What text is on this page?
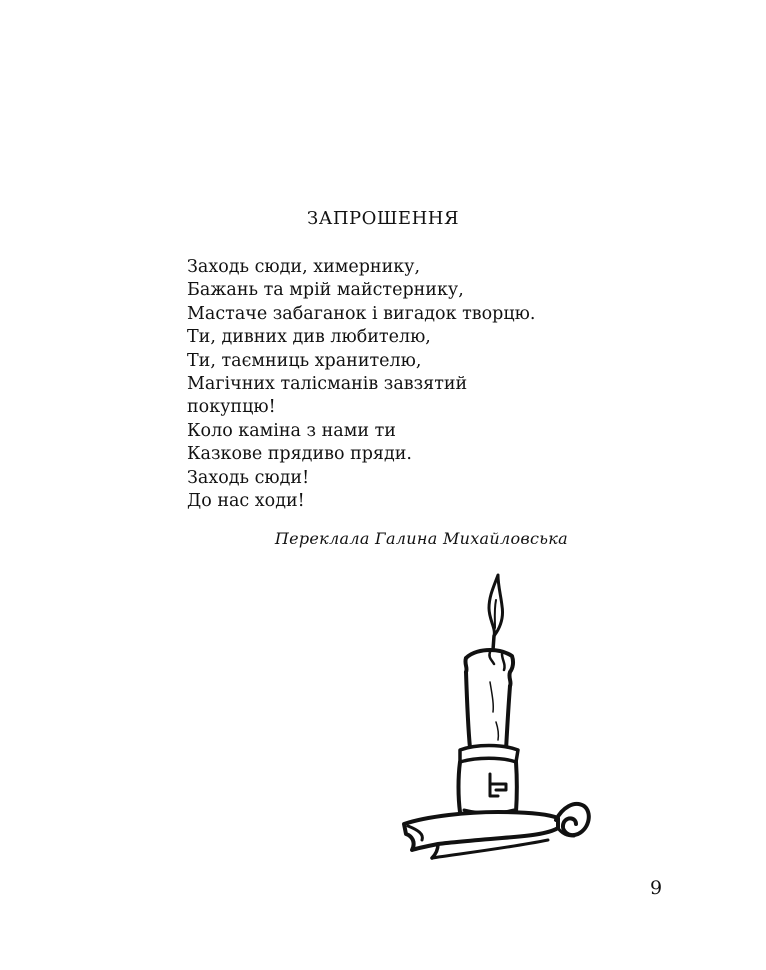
ЗАПРОШЕННЯ
Заходь сюди, химернику,
Бажань та мрій майстернику,
Мастаче забаганок і вигадок творцю.
Ти, дивних див любителю,
Ти, таємниць хранителю,
Магічних талісманів завзятий
покупцю!
Коло каміна з нами ти
Казкове прядиво пряди.
Заходь сюди!
До нас ходи!
Переклала Галина Михайловська
9
